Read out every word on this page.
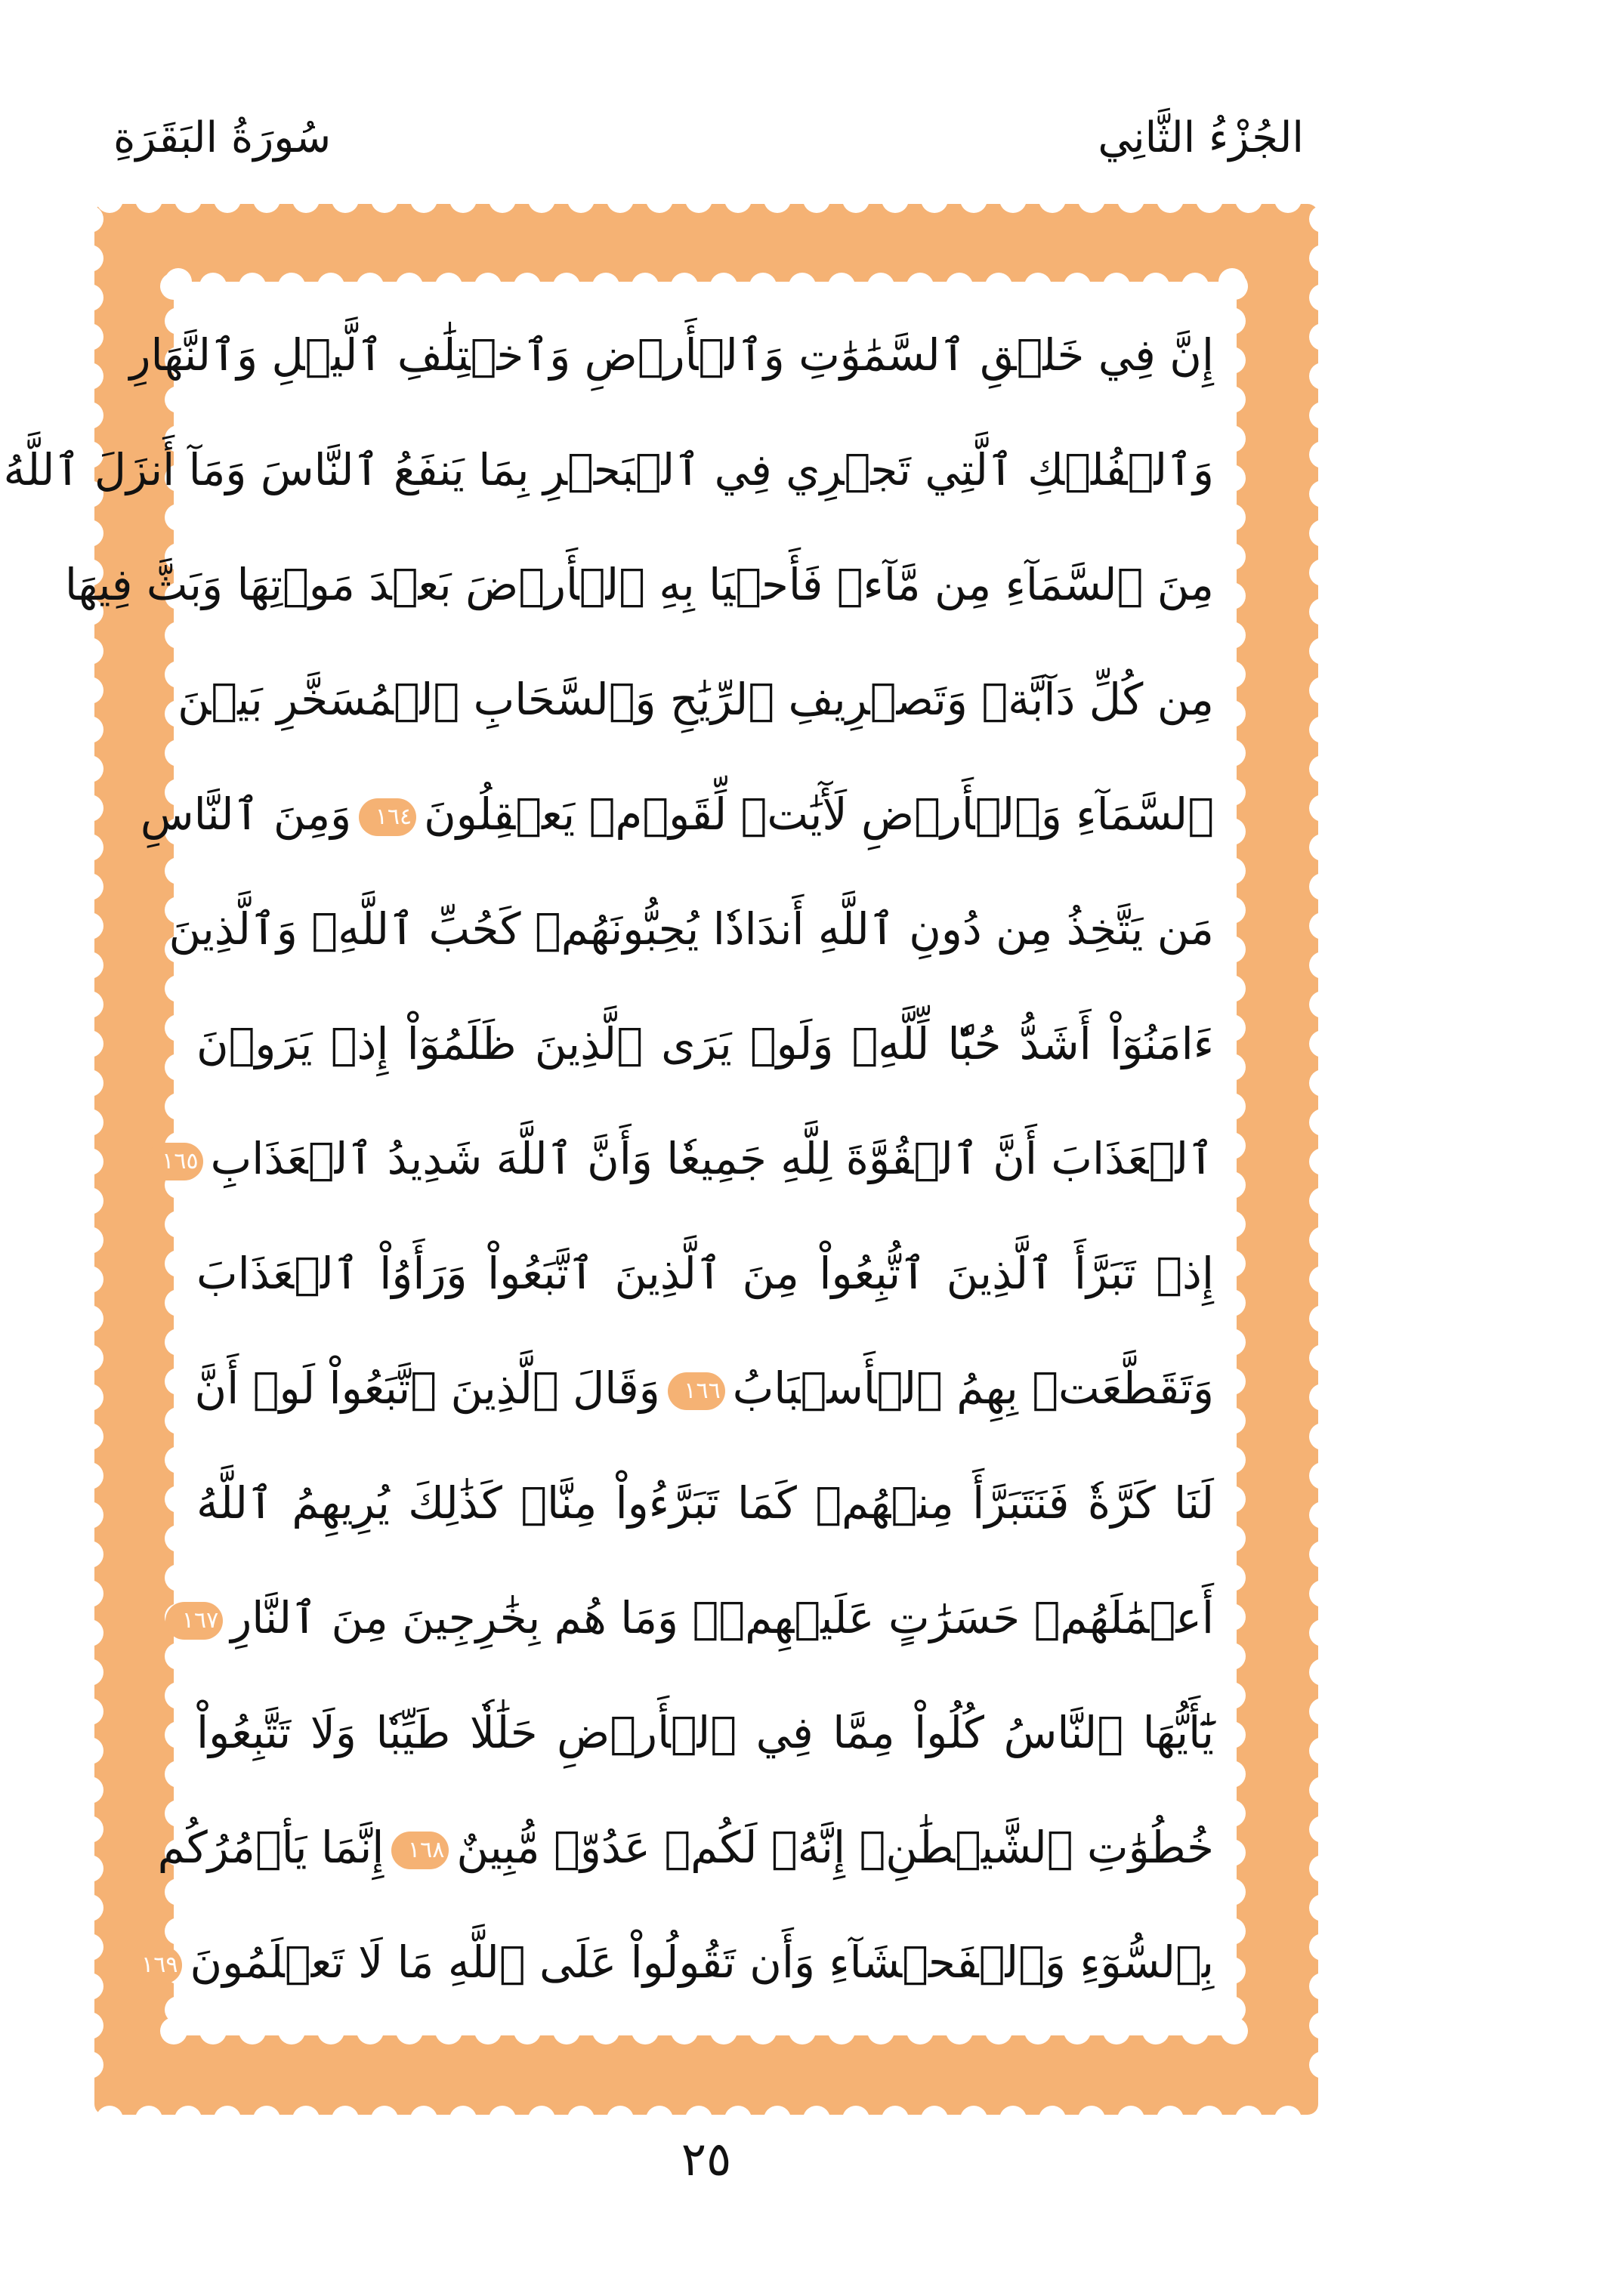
الجُزْءُ الثَّانِي
سُورَةُ البَقَرَةِ
إِنَّ فِي خَلۡقِ ٱلسَّمَٰوَٰتِ وَٱلۡأَرۡضِ وَٱخۡتِلَٰفِ ٱلَّيۡلِ وَٱلنَّهَارِ
وَٱلۡفُلۡكِ ٱلَّتِي تَجۡرِي فِي ٱلۡبَحۡرِ بِمَا يَنفَعُ ٱلنَّاسَ وَمَآ أَنزَلَ ٱللَّهُ
مِنَ ٱلسَّمَآءِ مِن مَّآءٖ فَأَحۡيَا بِهِ ٱلۡأَرۡضَ بَعۡدَ مَوۡتِهَا وَبَثَّ فِيهَا
مِن كُلِّ دَآبَّةٖ وَتَصۡرِيفِ ٱلرِّيَٰحِ وَٱلسَّحَابِ ٱلۡمُسَخَّرِ بَيۡنَ
ٱلسَّمَآءِ وَٱلۡأَرۡضِ لَأٓيَٰتٖ لِّقَوۡمٖ يَعۡقِلُونَ١٦٤وَمِنَ ٱلنَّاسِ
مَن يَتَّخِذُ مِن دُونِ ٱللَّهِ أَندَادٗا يُحِبُّونَهُمۡ كَحُبِّ ٱللَّهِۖ وَٱلَّذِينَ
ءَامَنُوٓاْ أَشَدُّ حُبّٗا لِّلَّهِۗ وَلَوۡ يَرَى ٱلَّذِينَ ظَلَمُوٓاْ إِذۡ يَرَوۡنَ
ٱلۡعَذَابَ أَنَّ ٱلۡقُوَّةَ لِلَّهِ جَمِيعٗا وَأَنَّ ٱللَّهَ شَدِيدُ ٱلۡعَذَابِ١٦٥
إِذۡ تَبَرَّأَ ٱلَّذِينَ ٱتُّبِعُواْ مِنَ ٱلَّذِينَ ٱتَّبَعُواْ وَرَأَوُاْ ٱلۡعَذَابَ
وَتَقَطَّعَتۡ بِهِمُ ٱلۡأَسۡبَابُ١٦٦وَقَالَ ٱلَّذِينَ ٱتَّبَعُواْ لَوۡ أَنَّ
لَنَا كَرَّةٗ فَنَتَبَرَّأَ مِنۡهُمۡ كَمَا تَبَرَّءُواْ مِنَّاۗ كَذَٰلِكَ يُرِيهِمُ ٱللَّهُ
أَعۡمَٰلَهُمۡ حَسَرَٰتٍ عَلَيۡهِمۡۖ وَمَا هُم بِخَٰرِجِينَ مِنَ ٱلنَّارِ١٦٧
يَٰٓأَيُّهَا ٱلنَّاسُ كُلُواْ مِمَّا فِي ٱلۡأَرۡضِ حَلَٰلٗا طَيِّبٗا وَلَا تَتَّبِعُواْ
خُطُوَٰتِ ٱلشَّيۡطَٰنِۚ إِنَّهُۥ لَكُمۡ عَدُوّٞ مُّبِينٌ١٦٨إِنَّمَا يَأۡمُرُكُم
بِٱلسُّوٓءِ وَٱلۡفَحۡشَآءِ وَأَن تَقُولُواْ عَلَى ٱللَّهِ مَا لَا تَعۡلَمُونَ١٦٩
٢٥
